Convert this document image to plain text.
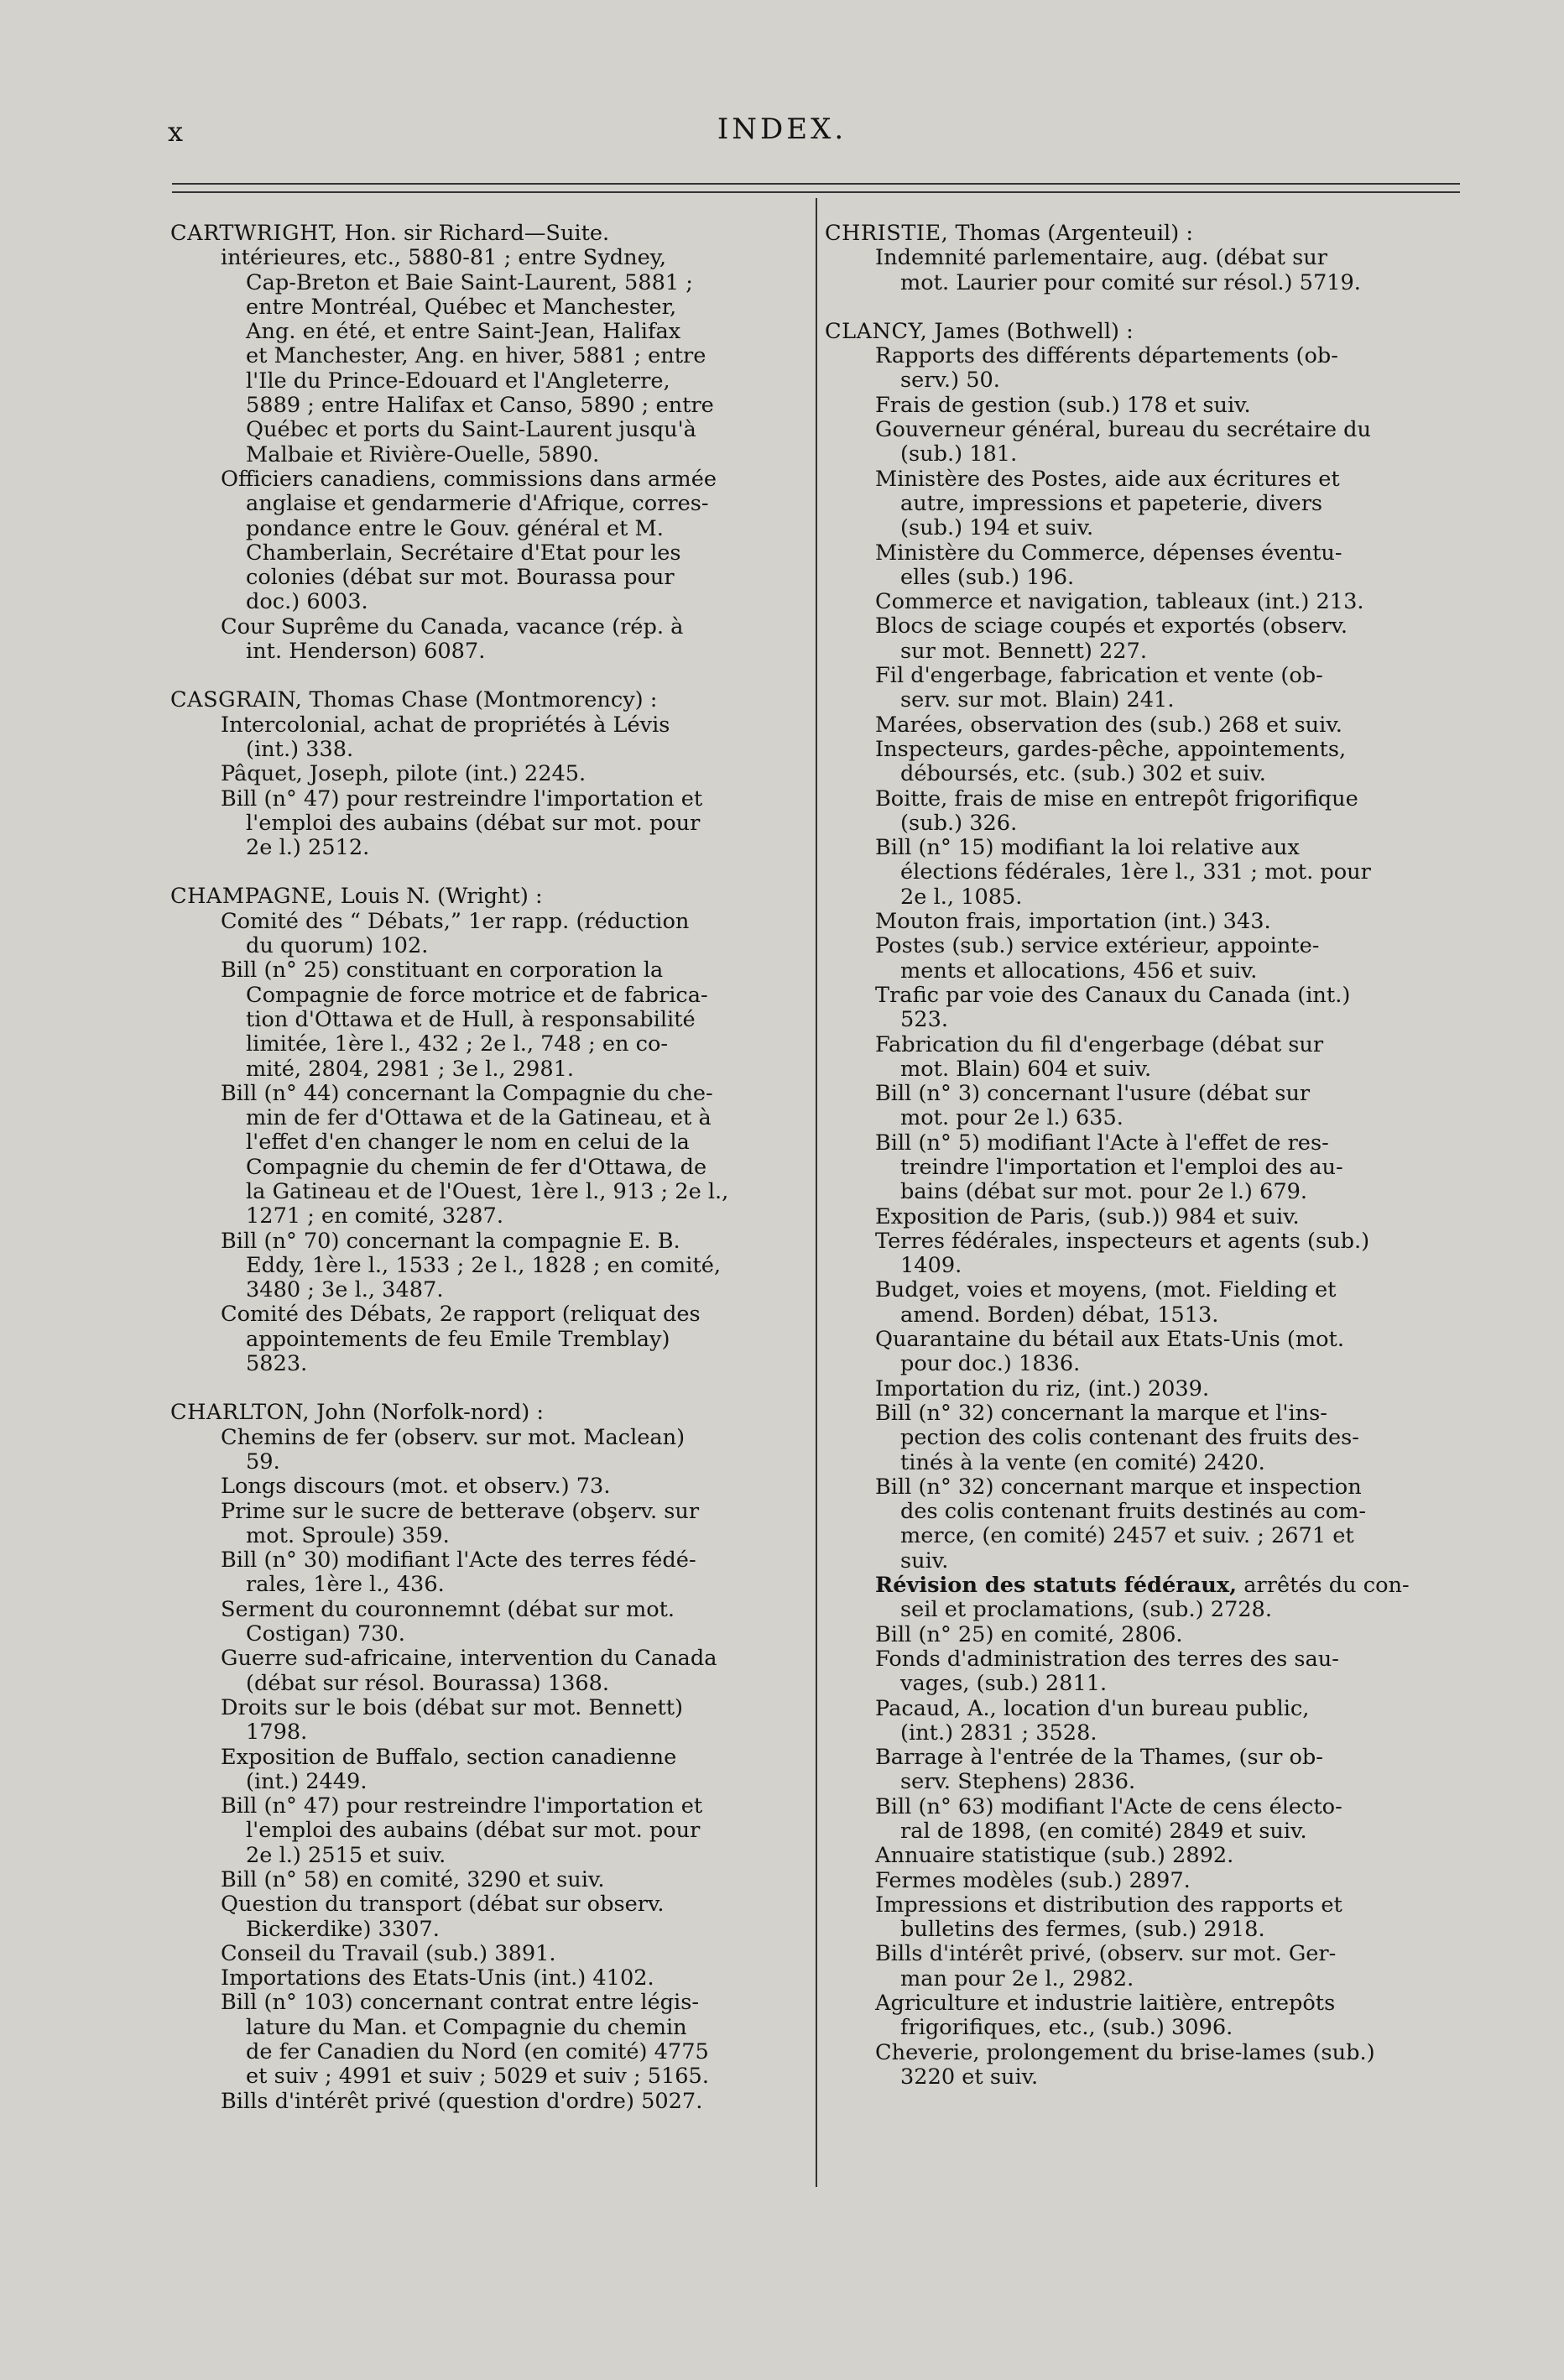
x	INDEX.
CARTWRIGHT, Hon. sir Richard—Suite.
intérieures, etc., 5880-81 ; entre Sydney,
Cap-Breton et Baie Saint-Laurent, 5881 ;
entre Montréal, Québec et Manchester,
Ang. en été, et entre Saint-Jean, Halifax
et Manchester, Ang. en hiver, 5881 ; entre
l'Ile du Prince-Edouard et l'Angleterre,
5889 ; entre Halifax et Canso, 5890 ; entre
Québec et ports du Saint-Laurent jusqu'à
Malbaie et Rivière-Ouelle, 5890.
Officiers canadiens, commissions dans armée
anglaise et gendarmerie d'Afrique, corres-
pondance entre le Gouv. général et M.
Chamberlain, Secrétaire d'Etat pour les
colonies (débat sur mot. Bourassa pour
doc.) 6003.
Cour Suprême du Canada, vacance (rép. à
int. Henderson) 6087.
CASGRAIN, Thomas Chase (Montmorency) :
Intercolonial, achat de propriétés à Lévis
(int.) 338.
Pâquet, Joseph, pilote (int.) 2245.
Bill (n° 47) pour restreindre l'importation et
l'emploi des aubains (débat sur mot. pour
2e l.) 2512.
CHAMPAGNE, Louis N. (Wright) :
Comité des “ Débats,” 1er rapp. (réduction
du quorum) 102.
Bill (n° 25) constituant en corporation la
Compagnie de force motrice et de fabrica-
tion d'Ottawa et de Hull, à responsabilité
limitée, 1ère l., 432 ; 2e l., 748 ; en co-
mité, 2804, 2981 ; 3e l., 2981.
Bill (n° 44) concernant la Compagnie du che-
min de fer d'Ottawa et de la Gatineau, et à
l'effet d'en changer le nom en celui de la
Compagnie du chemin de fer d'Ottawa, de
la Gatineau et de l'Ouest, 1ère l., 913 ; 2e l.,
1271 ; en comité, 3287.
Bill (n° 70) concernant la compagnie E. B.
Eddy, 1ère l., 1533 ; 2e l., 1828 ; en comité,
3480 ; 3e l., 3487.
Comité des Débats, 2e rapport (reliquat des
appointements de feu Emile Tremblay)
5823.
CHARLTON, John (Norfolk-nord) :
Chemins de fer (observ. sur mot. Maclean)
59.
Longs discours (mot. et observ.) 73.
Prime sur le sucre de betterave (obşerv. sur
mot. Sproule) 359.
Bill (n° 30) modifiant l'Acte des terres fédé-
rales, 1ère l., 436.
Serment du couronnemnt (débat sur mot.
Costigan) 730.
Guerre sud-africaine, intervention du Canada
(débat sur résol. Bourassa) 1368.
Droits sur le bois (débat sur mot. Bennett)
1798.
Exposition de Buffalo, section canadienne
(int.) 2449.
Bill (n° 47) pour restreindre l'importation et
l'emploi des aubains (débat sur mot. pour
2e l.) 2515 et suiv.
Bill (n° 58) en comité, 3290 et suiv.
Question du transport (débat sur observ.
Bickerdike) 3307.
Conseil du Travail (sub.) 3891.
Importations des Etats-Unis (int.) 4102.
Bill (n° 103) concernant contrat entre légis-
lature du Man. et Compagnie du chemin
de fer Canadien du Nord (en comité) 4775
et suiv ; 4991 et suiv ; 5029 et suiv ; 5165.
Bills d'intérêt privé (question d'ordre) 5027.
CHRISTIE, Thomas (Argenteuil) :
Indemnité parlementaire, aug. (débat sur
mot. Laurier pour comité sur résol.) 5719.
CLANCY, James (Bothwell) :
Rapports des différents départements (ob-
serv.) 50.
Frais de gestion (sub.) 178 et suiv.
Gouverneur général, bureau du secrétaire du
(sub.) 181.
Ministère des Postes, aide aux écritures et
autre, impressions et papeterie, divers
(sub.) 194 et suiv.
Ministère du Commerce, dépenses éventu-
elles (sub.) 196.
Commerce et navigation, tableaux (int.) 213.
Blocs de sciage coupés et exportés (observ.
sur mot. Bennett) 227.
Fil d'engerbage, fabrication et vente (ob-
serv. sur mot. Blain) 241.
Marées, observation des (sub.) 268 et suiv.
Inspecteurs, gardes-pêche, appointements,
déboursés, etc. (sub.) 302 et suiv.
Boitte, frais de mise en entrepôt frigorifique
(sub.) 326.
Bill (n° 15) modifiant la loi relative aux
élections fédérales, 1ère l., 331 ; mot. pour
2e l., 1085.
Mouton frais, importation (int.) 343.
Postes (sub.) service extérieur, appointe-
ments et allocations, 456 et suiv.
Trafic par voie des Canaux du Canada (int.)
523.
Fabrication du fil d'engerbage (débat sur
mot. Blain) 604 et suiv.
Bill (n° 3) concernant l'usure (débat sur
mot. pour 2e l.) 635.
Bill (n° 5) modifiant l'Acte à l'effet de res-
treindre l'importation et l'emploi des au-
bains (débat sur mot. pour 2e l.) 679.
Exposition de Paris, (sub.)) 984 et suiv.
Terres fédérales, inspecteurs et agents (sub.)
1409.
Budget, voies et moyens, (mot. Fielding et
amend. Borden) débat, 1513.
Quarantaine du bétail aux Etats-Unis (mot.
pour doc.) 1836.
Importation du riz, (int.) 2039.
Bill (n° 32) concernant la marque et l'ins-
pection des colis contenant des fruits des-
tinés à la vente (en comité) 2420.
Bill (n° 32) concernant marque et inspection
des colis contenant fruits destinés au com-
merce, (en comité) 2457 et suiv. ; 2671 et
suiv.
Révision des statuts fédéraux, arrêtés du con-
seil et proclamations, (sub.) 2728.
Bill (n° 25) en comité, 2806.
Fonds d'administration des terres des sau-
vages, (sub.) 2811.
Pacaud, A., location d'un bureau public,
(int.) 2831 ; 3528.
Barrage à l'entrée de la Thames, (sur ob-
serv. Stephens) 2836.
Bill (n° 63) modifiant l'Acte de cens électo-
ral de 1898, (en comité) 2849 et suiv.
Annuaire statistique (sub.) 2892.
Fermes modèles (sub.) 2897.
Impressions et distribution des rapports et
bulletins des fermes, (sub.) 2918.
Bills d'intérêt privé, (observ. sur mot. Ger-
man pour 2e l., 2982.
Agriculture et industrie laitière, entrepôts
frigorifiques, etc., (sub.) 3096.
Cheverie, prolongement du brise-lames (sub.)
3220 et suiv.
